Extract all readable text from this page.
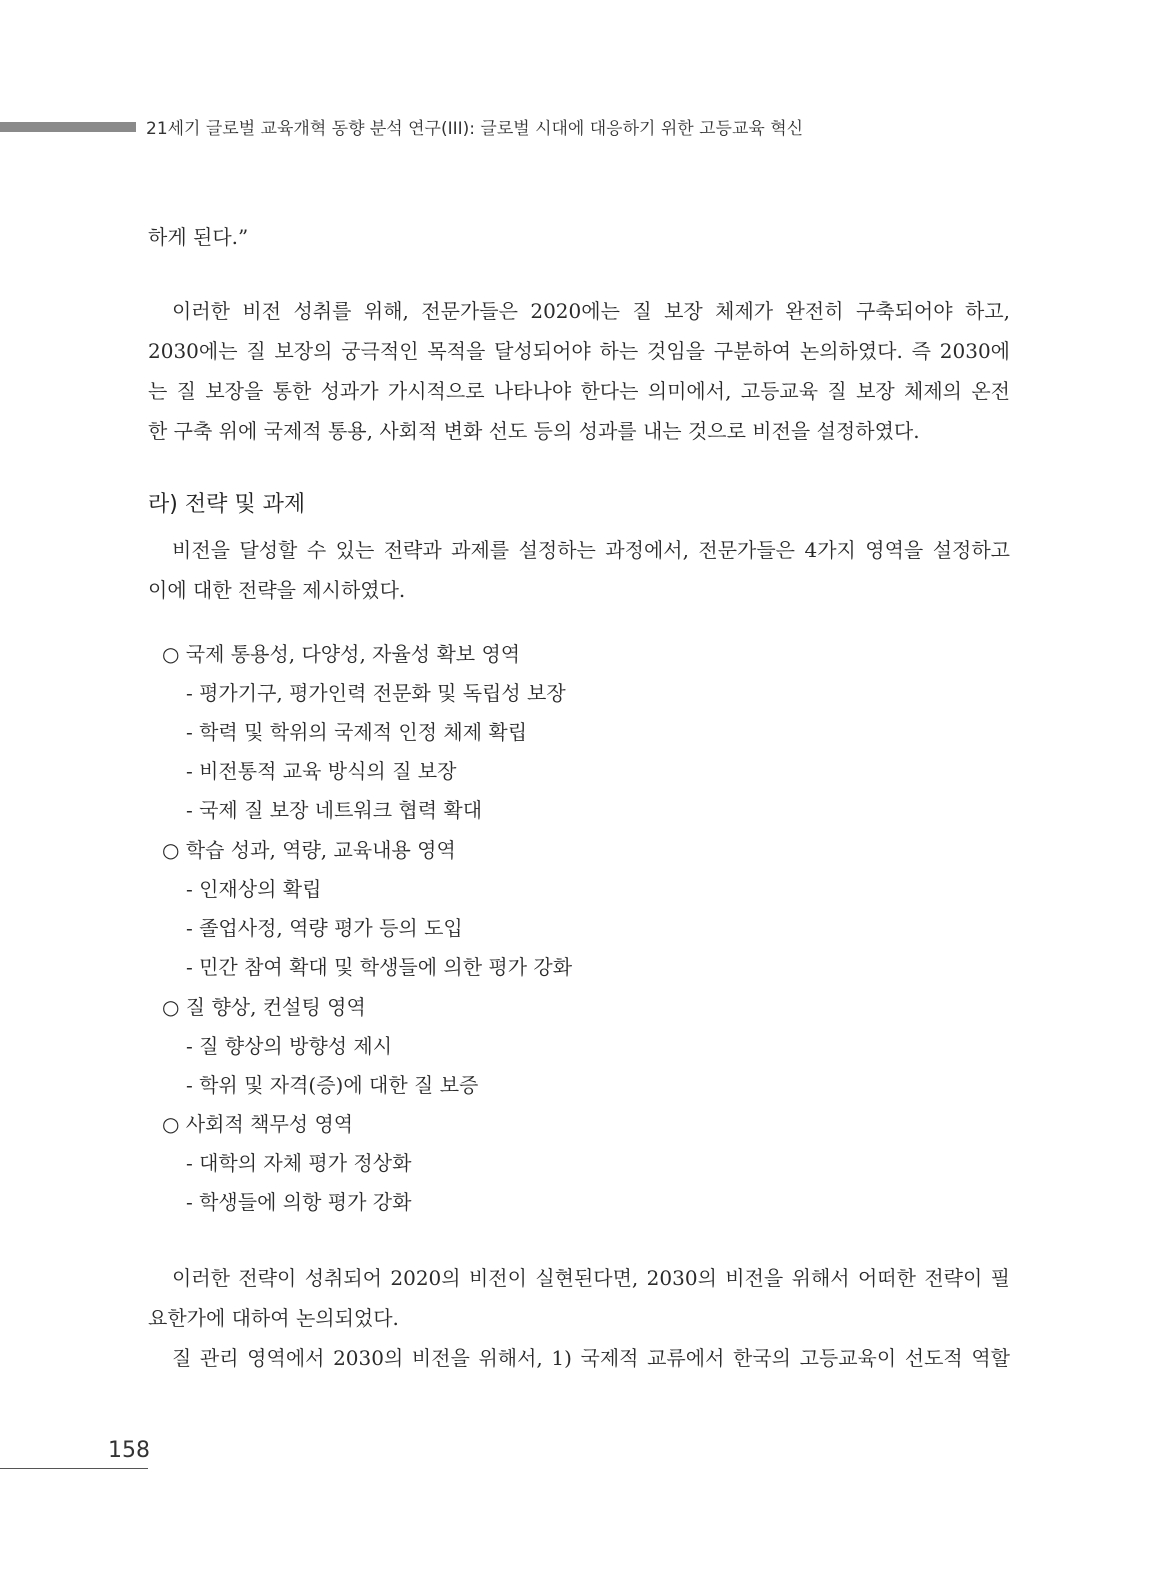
21세기 글로벌 교육개혁 동향 분석 연구(III): 글로벌 시대에 대응하기 위한 고등교육 혁신
하게 된다.”
이러한 비전 성취를 위해, 전문가들은 2020에는 질 보장 체제가 완전히 구축되어야 하고,
2030에는 질 보장의 궁극적인 목적을 달성되어야 하는 것임을 구분하여 논의하였다. 즉 2030에
는 질 보장을 통한 성과가 가시적으로 나타나야 한다는 의미에서, 고등교육 질 보장 체제의 온전
한 구축 위에 국제적 통용, 사회적 변화 선도 등의 성과를 내는 것으로 비전을 설정하였다.
라) 전략 및 과제
비전을 달성할 수 있는 전략과 과제를 설정하는 과정에서, 전문가들은 4가지 영역을 설정하고
이에 대한 전략을 제시하였다.
○ 국제 통용성, 다양성, 자율성 확보 영역
- 평가기구, 평가인력 전문화 및 독립성 보장
- 학력 및 학위의 국제적 인정 체제 확립
- 비전통적 교육 방식의 질 보장
- 국제 질 보장 네트워크 협력 확대
○ 학습 성과, 역량, 교육내용 영역
- 인재상의 확립
- 졸업사정, 역량 평가 등의 도입
- 민간 참여 확대 및 학생들에 의한 평가 강화
○ 질 향상, 컨설팅 영역
- 질 향상의 방향성 제시
- 학위 및 자격(증)에 대한 질 보증
○ 사회적 책무성 영역
- 대학의 자체 평가 정상화
- 학생들에 의항 평가 강화
이러한 전략이 성취되어 2020의 비전이 실현된다면, 2030의 비전을 위해서 어떠한 전략이 필
요한가에 대하여 논의되었다.
질 관리 영역에서 2030의 비전을 위해서, 1) 국제적 교류에서 한국의 고등교육이 선도적 역할
158
